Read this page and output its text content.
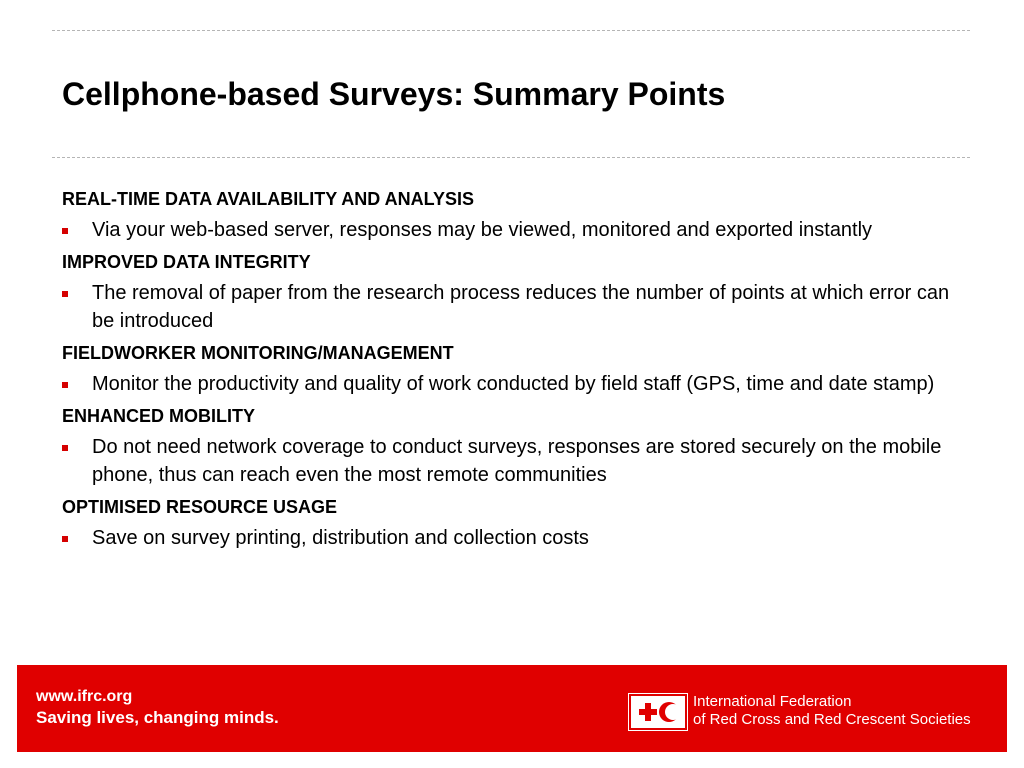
Cellphone-based Surveys: Summary Points
REAL-TIME DATA AVAILABILITY AND ANALYSIS
Via your web-based server, responses may be viewed, monitored and exported instantly
IMPROVED DATA INTEGRITY
The removal of paper from the research process reduces the number of points at which error can be introduced
FIELDWORKER MONITORING/MANAGEMENT
Monitor the productivity and quality of work conducted by field staff (GPS, time and date stamp)
ENHANCED MOBILITY
Do not need network coverage to conduct surveys, responses are stored securely on the mobile phone, thus can reach even the most remote communities
OPTIMISED RESOURCE USAGE
Save on survey printing, distribution and collection costs
www.ifrc.org
Saving lives, changing minds.
International Federation
of Red Cross and Red Crescent Societies
